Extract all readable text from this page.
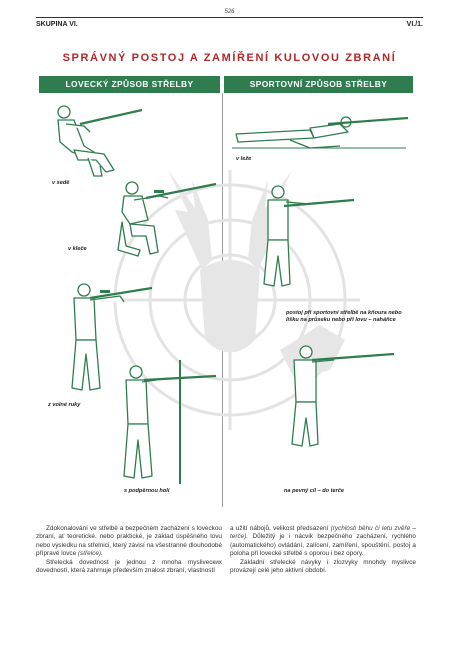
526
SKUPINA VI.	VI./1.
SPRÁVNÝ POSTOJ A ZAMÍŘENÍ KULOVOU ZBRANÍ
LOVECKÝ ZPŮSOB STŘELBY	SPORTOVNÍ ZPŮSOB STŘELBY
v sedě
v kleče
z volné ruky
s podpěrnou holí
v leže
postoj při sportovní střelbě na kňoura nebo lišku na průseku nebo při lovu – naháňce
na pevný cíl – do terče

Zdokonalování ve střelbě a bezpečném zacházení s loveckou zbraní, ať teoretické, nebo praktické, je základ úspěšného lovu nebo výsledku na střelnici, který závisí na všestranné dlouhodobé přípravě lovce (střelce).

Střelecká dovednost je jednou z mnoha myslivecких dovedností, která zahrnuje především znalost zbraní, vlastností

a užití nábojů, velikost předsazení (rychlosti běhu či letu zvěře – terče). Důležitý je i nácvik bezpečného zacházení, rychlého (automatického) ovládání, zalícení, zamíření, spouštění, postoj a poloha při lovecké střelbě s oporou i bez opory.

Základní střelecké návyky i zlozvyky mnohdy myslivce provázejí celé jeho aktivní období.
